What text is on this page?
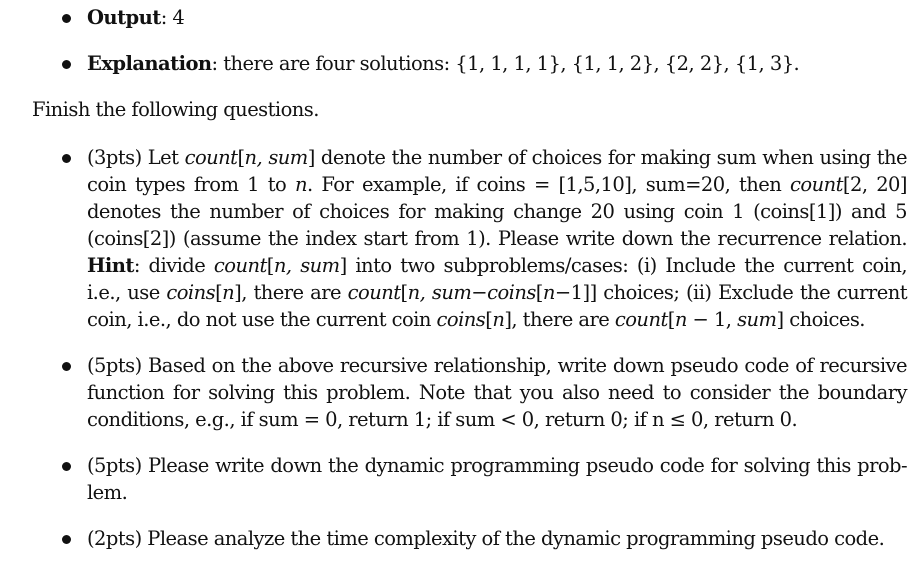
Output: 4
Explanation: there are four solutions: {1, 1, 1, 1}, {1, 1, 2}, {2, 2}, {1, 3}.
Finish the following questions.
(3pts) Let count[n, sum] denote the number of choices for making sum when using the
coin types from 1 to n. For example, if coins = [1,5,10], sum=20, then count[2, 20]
denotes the number of choices for making change 20 using coin 1 (coins[1]) and 5
(coins[2]) (assume the index start from 1). Please write down the recurrence relation.
Hint: divide count[n, sum] into two subproblems/cases: (i) Include the current coin,
i.e., use coins[n], there are count[n, sum−coins[n−1]] choices; (ii) Exclude the current
coin, i.e., do not use the current coin coins[n], there are count[n − 1, sum] choices.
(5pts) Based on the above recursive relationship, write down pseudo code of recursive
function for solving this problem. Note that you also need to consider the boundary
conditions, e.g., if sum = 0, return 1; if sum < 0, return 0; if n ≤ 0, return 0.
(5pts) Please write down the dynamic programming pseudo code for solving this prob-
lem.
(2pts) Please analyze the time complexity of the dynamic programming pseudo code.
